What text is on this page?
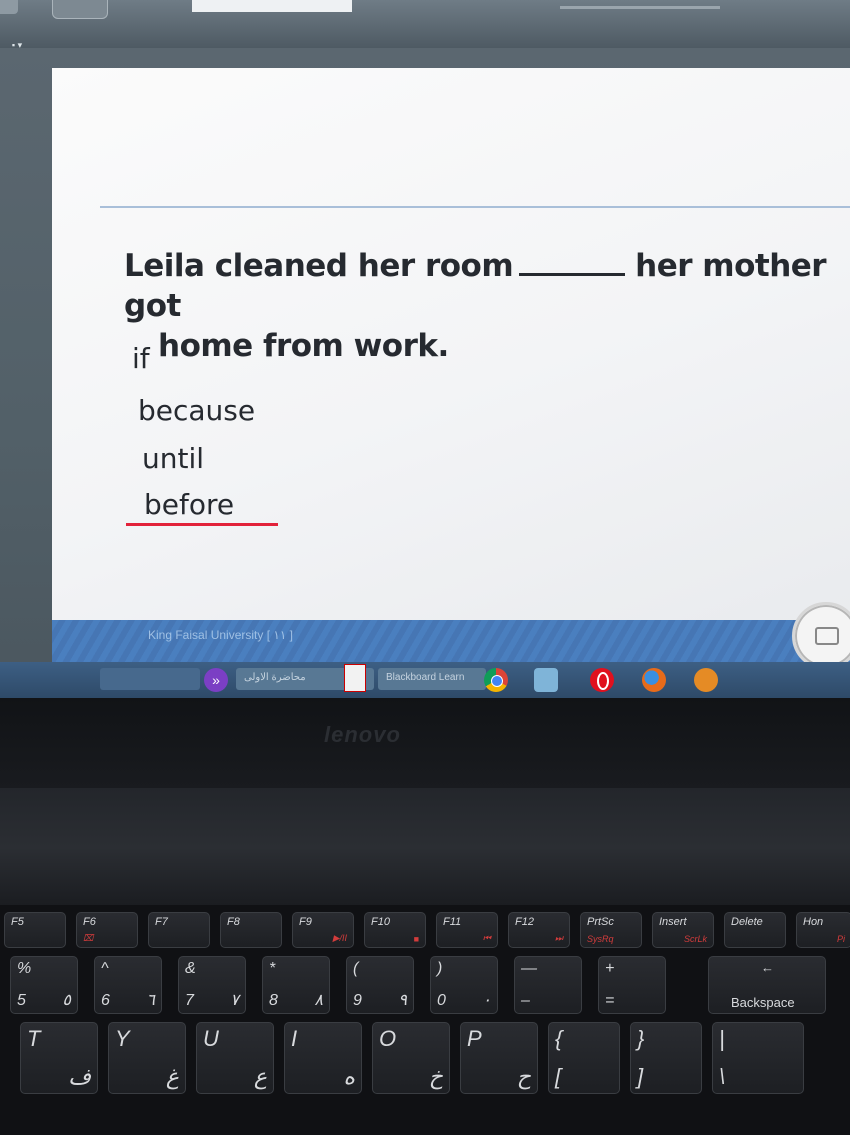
▪ ▾
Leila cleaned her room	her mother got
home from work.
if
because
until
before
King Faisal University [ ١١ ]
»	محاضرة الاولى	Blackboard Learn
lenovo
F5	F6
⌧
F7	F8	F9
▶/II
F10
■
F11
⏮
F12
⏭
PrtSc
SysRq
Insert
ScrLk
Delete	Hon
Pi
%
5 ٥
^
6 ٦
&
7 ٧
*
8 ٨
(
9 ٩
)
0 ٠
—
–
+
=
←
Backspace
T
ف
Y
غ
U
ع
I
ه
O
خ
P
ح
{
[
}
]
|
\
